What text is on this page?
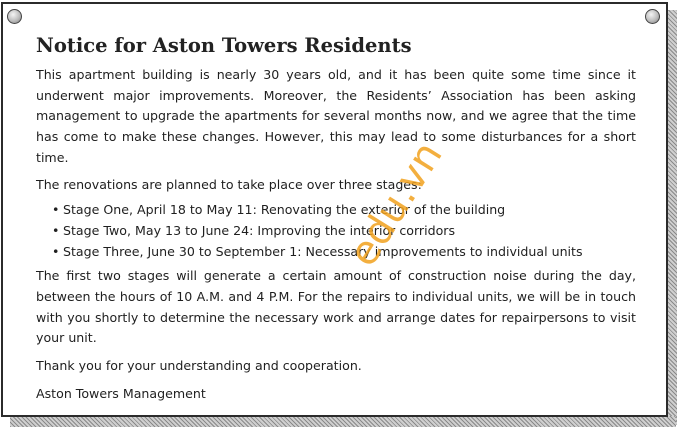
Notice for Aston Towers Residents

This apartment building is nearly 30 years old, and it has been quite some time since it underwent major improvements. Moreover, the Residents’ Association has been asking management to upgrade the apartments for several months now, and we agree that the time has come to make these changes. However, this may lead to some disturbances for a short time.

The renovations are planned to take place over three stages:

• Stage One, April 18 to May 11: Renovating the exterior of the building
• Stage Two, May 13 to June 24: Improving the interior corridors
• Stage Three, June 30 to September 1: Necessary improvements to individual units

The first two stages will generate a certain amount of construction noise during the day, between the hours of 10 A.M. and 4 P.M. For the repairs to individual units, we will be in touch with you shortly to determine the necessary work and arrange dates for repairpersons to visit your unit.

Thank you for your understanding and cooperation.

Aston Towers Management

edu.vn
